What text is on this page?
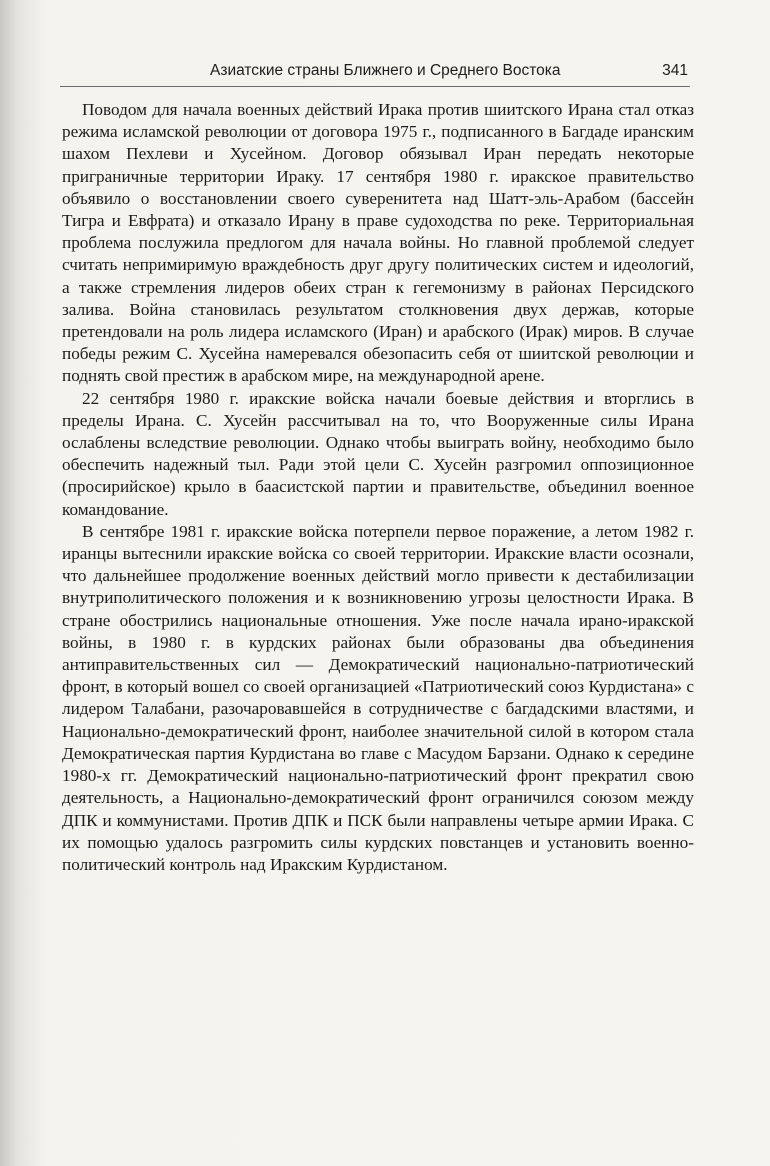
Азиатские страны Ближнего и Среднего Востока	341

Поводом для начала военных действий Ирака против шиитского Ирана стал отказ режима исламской революции от договора 1975 г., подписанного в Багдаде иранским шахом Пехлеви и Хусейном. Договор обязывал Иран передать некоторые приграничные территории Ираку. 17 сентября 1980 г. иракское правительство объявило о восстановлении своего суверенитета над Шатт-эль-Арабом (бассейн Тигра и Евфрата) и отказало Ирану в праве судоходства по реке. Территориальная проблема послужила предлогом для начала войны. Но главной проблемой следует считать непримиримую враждебность друг другу политических систем и идеологий, а также стремления лидеров обеих стран к гегемонизму в районах Персидского залива. Война становилась результатом столкновения двух держав, которые претендовали на роль лидера исламского (Иран) и арабского (Ирак) миров. В случае победы режим С. Хусейна намеревался обезопасить себя от шиитской революции и поднять свой престиж в арабском мире, на международной арене.

22 сентября 1980 г. иракские войска начали боевые действия и вторглись в пределы Ирана. С. Хусейн рассчитывал на то, что Вооруженные силы Ирана ослаблены вследствие революции. Однако чтобы выиграть войну, необходимо было обеспечить надежный тыл. Ради этой цели С. Хусейн разгромил оппозиционное (просирийское) крыло в баасистской партии и правительстве, объединил военное командование.

В сентябре 1981 г. иракские войска потерпели первое поражение, а летом 1982 г. иранцы вытеснили иракские войска со своей территории. Иракские власти осознали, что дальнейшее продолжение военных действий могло привести к дестабилизации внутриполитического положения и к возникновению угрозы целостности Ирака. В стране обострились национальные отношения. Уже после начала ирано-иракской войны, в 1980 г. в курдских районах были образованы два объединения антиправительственных сил — Демократический национально-патриотический фронт, в который вошел со своей организацией «Патриотический союз Курдистана» с лидером Талабани, разочаровавшейся в сотрудничестве с багдадскими властями, и Национально-демократический фронт, наиболее значительной силой в котором стала Демократическая партия Курдистана во главе с Масудом Барзани. Однако к середине 1980-х гг. Демократический национально-патриотический фронт прекратил свою деятельность, а Национально-демократический фронт ограничился союзом между ДПК и коммунистами. Против ДПК и ПСК были направлены четыре армии Ирака. С их помощью удалось разгромить силы курдских повстанцев и установить военно-политический контроль над Иракским Курдистаном.
